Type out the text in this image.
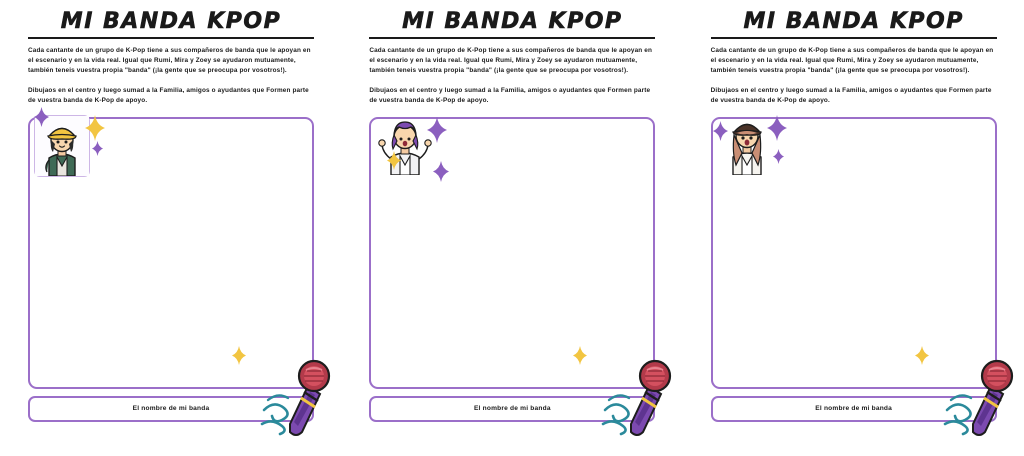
MI BANDA KPOP

Cada cantante de un grupo de K-Pop tiene a sus compañeros de banda que le apoyan en el escenario y en la vida real. Igual que Rumi, Mira y Zoey se ayudaron mutuamente, también teneis vuestra propia "banda" (¡la gente que se preocupa por vosotros!).

Dibujaos en el centro y luego sumad a la Familia, amigos o ayudantes que Formen parte de vuestra banda de K-Pop de apoyo.

El nombre de mi banda
MI BANDA KPOP

Cada cantante de un grupo de K-Pop tiene a sus compañeros de banda que le apoyan en el escenario y en la vida real. Igual que Rumi, Mira y Zoey se ayudaron mutuamente, también teneis vuestra propia "banda" (¡la gente que se preocupa por vosotros!).

Dibujaos en el centro y luego sumad a la Familia, amigos o ayudantes que Formen parte de vuestra banda de K-Pop de apoyo.

El nombre de mi banda
MI BANDA KPOP

Cada cantante de un grupo de K-Pop tiene a sus compañeros de banda que le apoyan en el escenario y en la vida real. Igual que Rumi, Mira y Zoey se ayudaron mutuamente, también teneis vuestra propia "banda" (¡la gente que se preocupa por vosotros!).

Dibujaos en el centro y luego sumad a la Familia, amigos o ayudantes que Formen parte de vuestra banda de K-Pop de apoyo.

El nombre de mi banda
